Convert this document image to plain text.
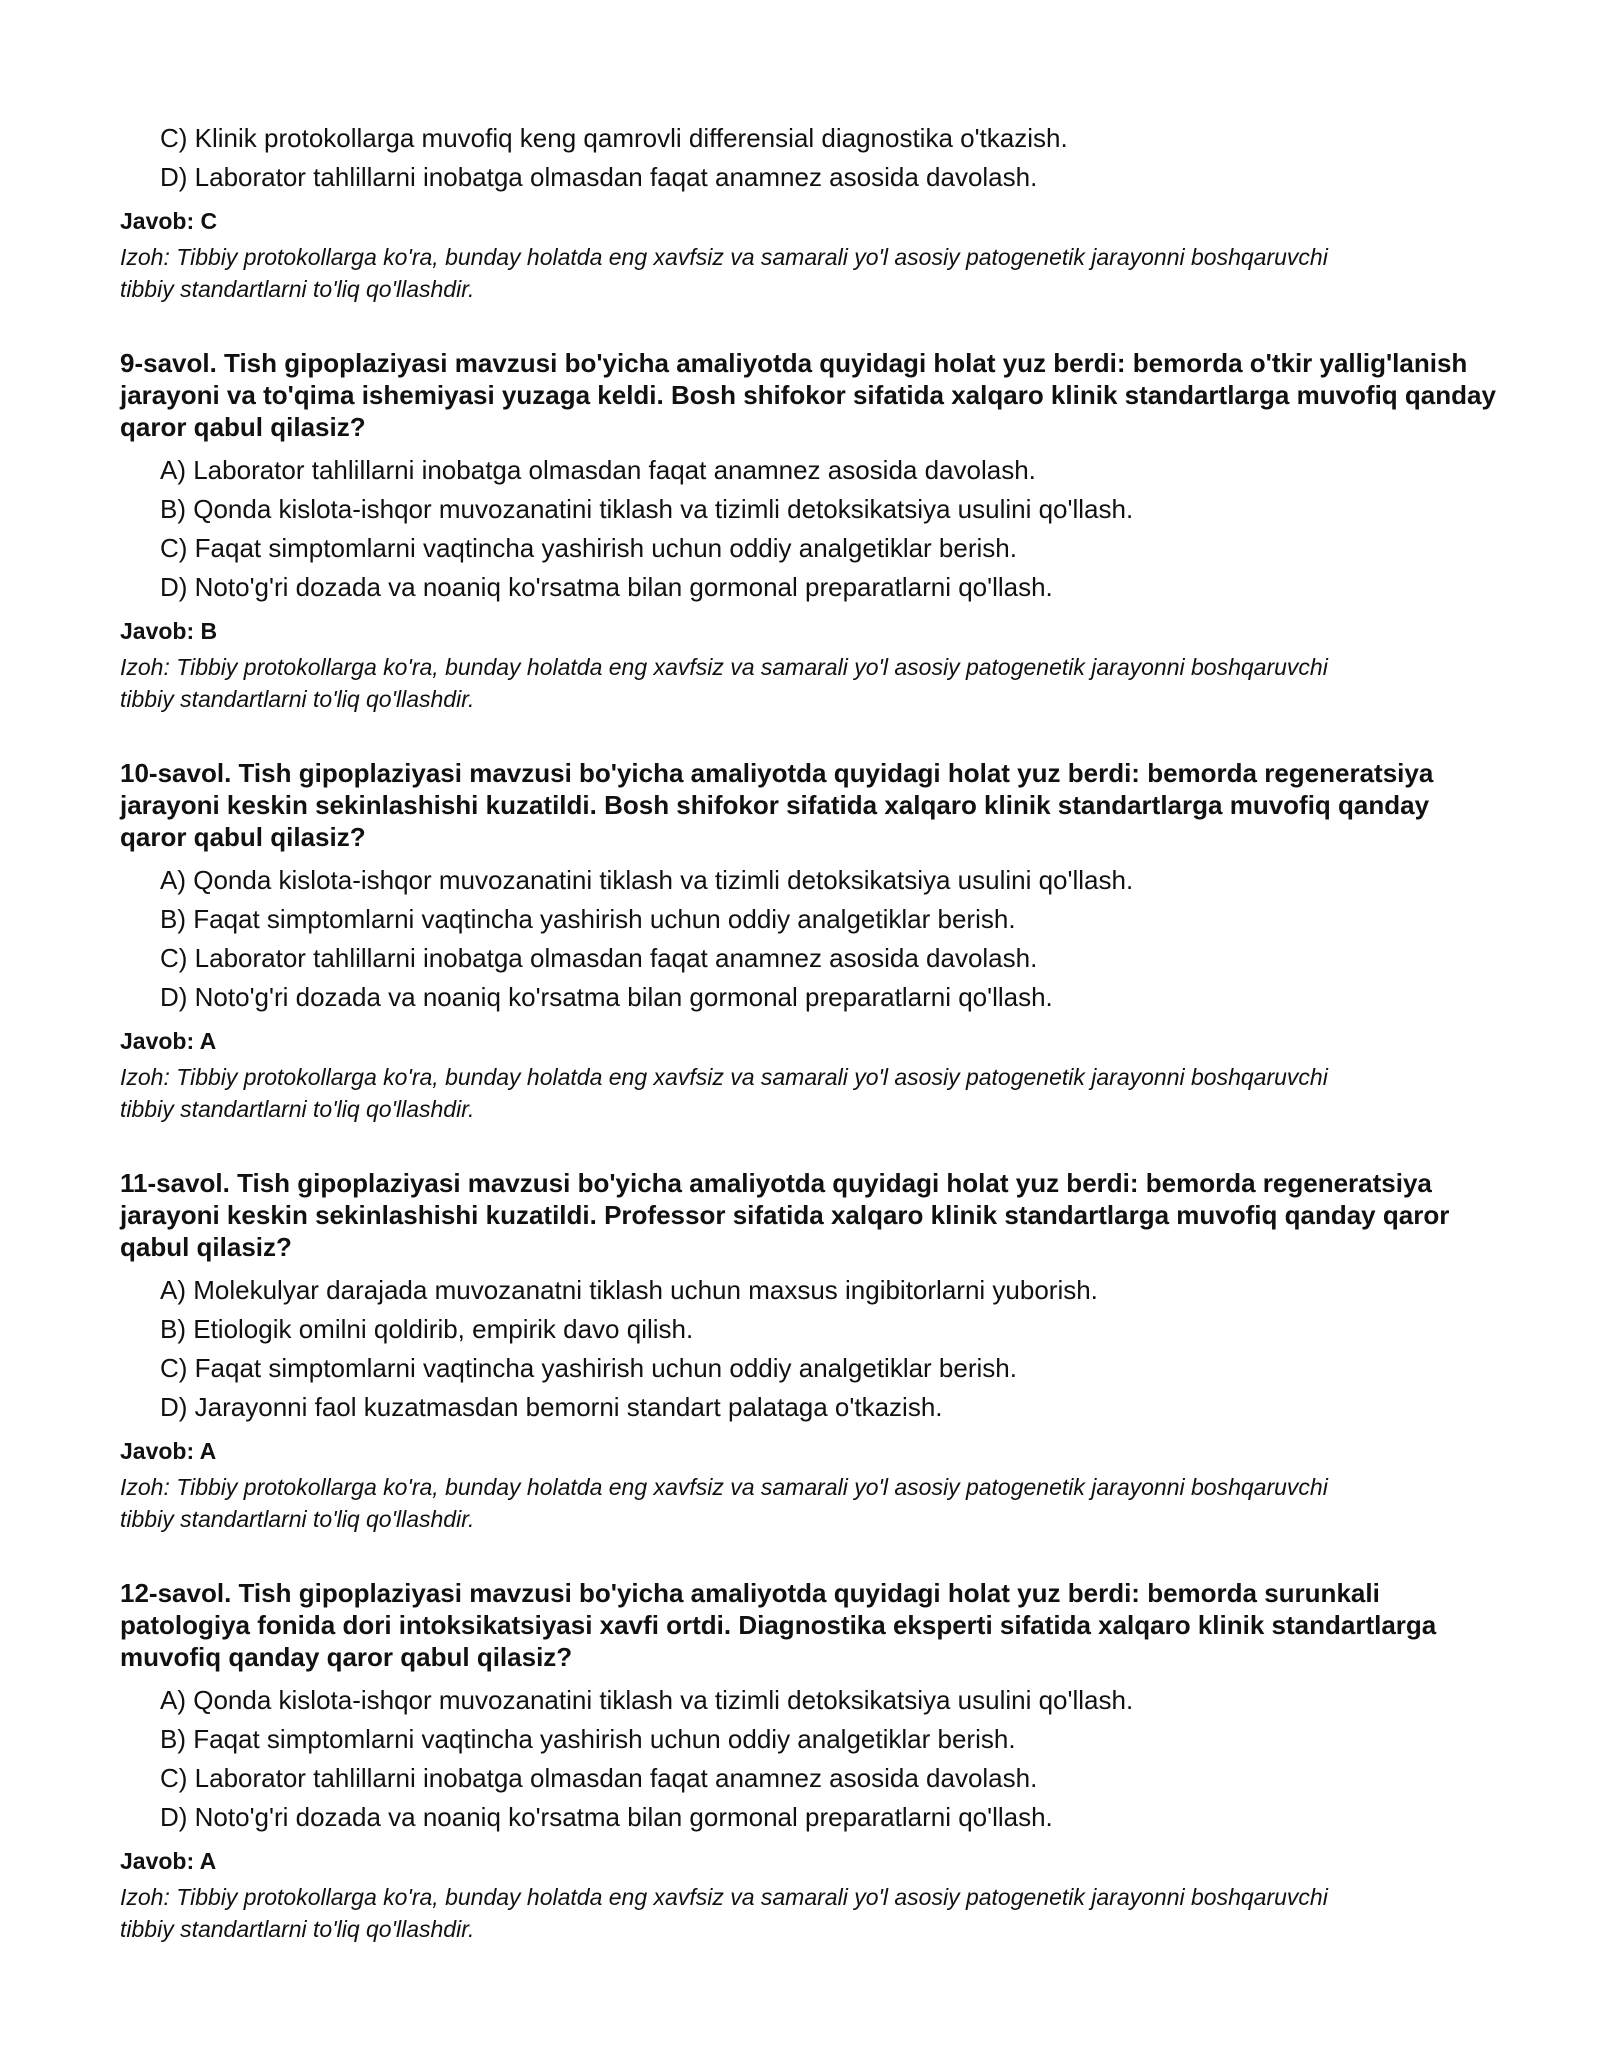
C) Klinik protokollarga muvofiq keng qamrovli differensial diagnostika o'tkazish.
D) Laborator tahlillarni inobatga olmasdan faqat anamnez asosida davolash.
Javob: C
Izoh: Tibbiy protokollarga ko'ra, bunday holatda eng xavfsiz va samarali yo'l asosiy patogenetik jarayonni boshqaruvchi tibbiy standartlarni to'liq qo'llashdir.
9-savol. Tish gipoplaziyasi mavzusi bo'yicha amaliyotda quyidagi holat yuz berdi: bemorda o'tkir yallig'lanish jarayoni va to'qima ishemiyasi yuzaga keldi. Bosh shifokor sifatida xalqaro klinik standartlarga muvofiq qanday qaror qabul qilasiz?
A) Laborator tahlillarni inobatga olmasdan faqat anamnez asosida davolash.
B) Qonda kislota-ishqor muvozanatini tiklash va tizimli detoksikatsiya usulini qo'llash.
C) Faqat simptomlarni vaqtincha yashirish uchun oddiy analgetiklar berish.
D) Noto'g'ri dozada va noaniq ko'rsatma bilan gormonal preparatlarni qo'llash.
Javob: B
Izoh: Tibbiy protokollarga ko'ra, bunday holatda eng xavfsiz va samarali yo'l asosiy patogenetik jarayonni boshqaruvchi tibbiy standartlarni to'liq qo'llashdir.
10-savol. Tish gipoplaziyasi mavzusi bo'yicha amaliyotda quyidagi holat yuz berdi: bemorda regeneratsiya jarayoni keskin sekinlashishi kuzatildi. Bosh shifokor sifatida xalqaro klinik standartlarga muvofiq qanday qaror qabul qilasiz?
A) Qonda kislota-ishqor muvozanatini tiklash va tizimli detoksikatsiya usulini qo'llash.
B) Faqat simptomlarni vaqtincha yashirish uchun oddiy analgetiklar berish.
C) Laborator tahlillarni inobatga olmasdan faqat anamnez asosida davolash.
D) Noto'g'ri dozada va noaniq ko'rsatma bilan gormonal preparatlarni qo'llash.
Javob: A
Izoh: Tibbiy protokollarga ko'ra, bunday holatda eng xavfsiz va samarali yo'l asosiy patogenetik jarayonni boshqaruvchi tibbiy standartlarni to'liq qo'llashdir.
11-savol. Tish gipoplaziyasi mavzusi bo'yicha amaliyotda quyidagi holat yuz berdi: bemorda regeneratsiya jarayoni keskin sekinlashishi kuzatildi. Professor sifatida xalqaro klinik standartlarga muvofiq qanday qaror qabul qilasiz?
A) Molekulyar darajada muvozanatni tiklash uchun maxsus ingibitorlarni yuborish.
B) Etiologik omilni qoldirib, empirik davo qilish.
C) Faqat simptomlarni vaqtincha yashirish uchun oddiy analgetiklar berish.
D) Jarayonni faol kuzatmasdan bemorni standart palataga o'tkazish.
Javob: A
Izoh: Tibbiy protokollarga ko'ra, bunday holatda eng xavfsiz va samarali yo'l asosiy patogenetik jarayonni boshqaruvchi tibbiy standartlarni to'liq qo'llashdir.
12-savol. Tish gipoplaziyasi mavzusi bo'yicha amaliyotda quyidagi holat yuz berdi: bemorda surunkali patologiya fonida dori intoksikatsiyasi xavfi ortdi. Diagnostika eksperti sifatida xalqaro klinik standartlarga muvofiq qanday qaror qabul qilasiz?
A) Qonda kislota-ishqor muvozanatini tiklash va tizimli detoksikatsiya usulini qo'llash.
B) Faqat simptomlarni vaqtincha yashirish uchun oddiy analgetiklar berish.
C) Laborator tahlillarni inobatga olmasdan faqat anamnez asosida davolash.
D) Noto'g'ri dozada va noaniq ko'rsatma bilan gormonal preparatlarni qo'llash.
Javob: A
Izoh: Tibbiy protokollarga ko'ra, bunday holatda eng xavfsiz va samarali yo'l asosiy patogenetik jarayonni boshqaruvchi tibbiy standartlarni to'liq qo'llashdir.
